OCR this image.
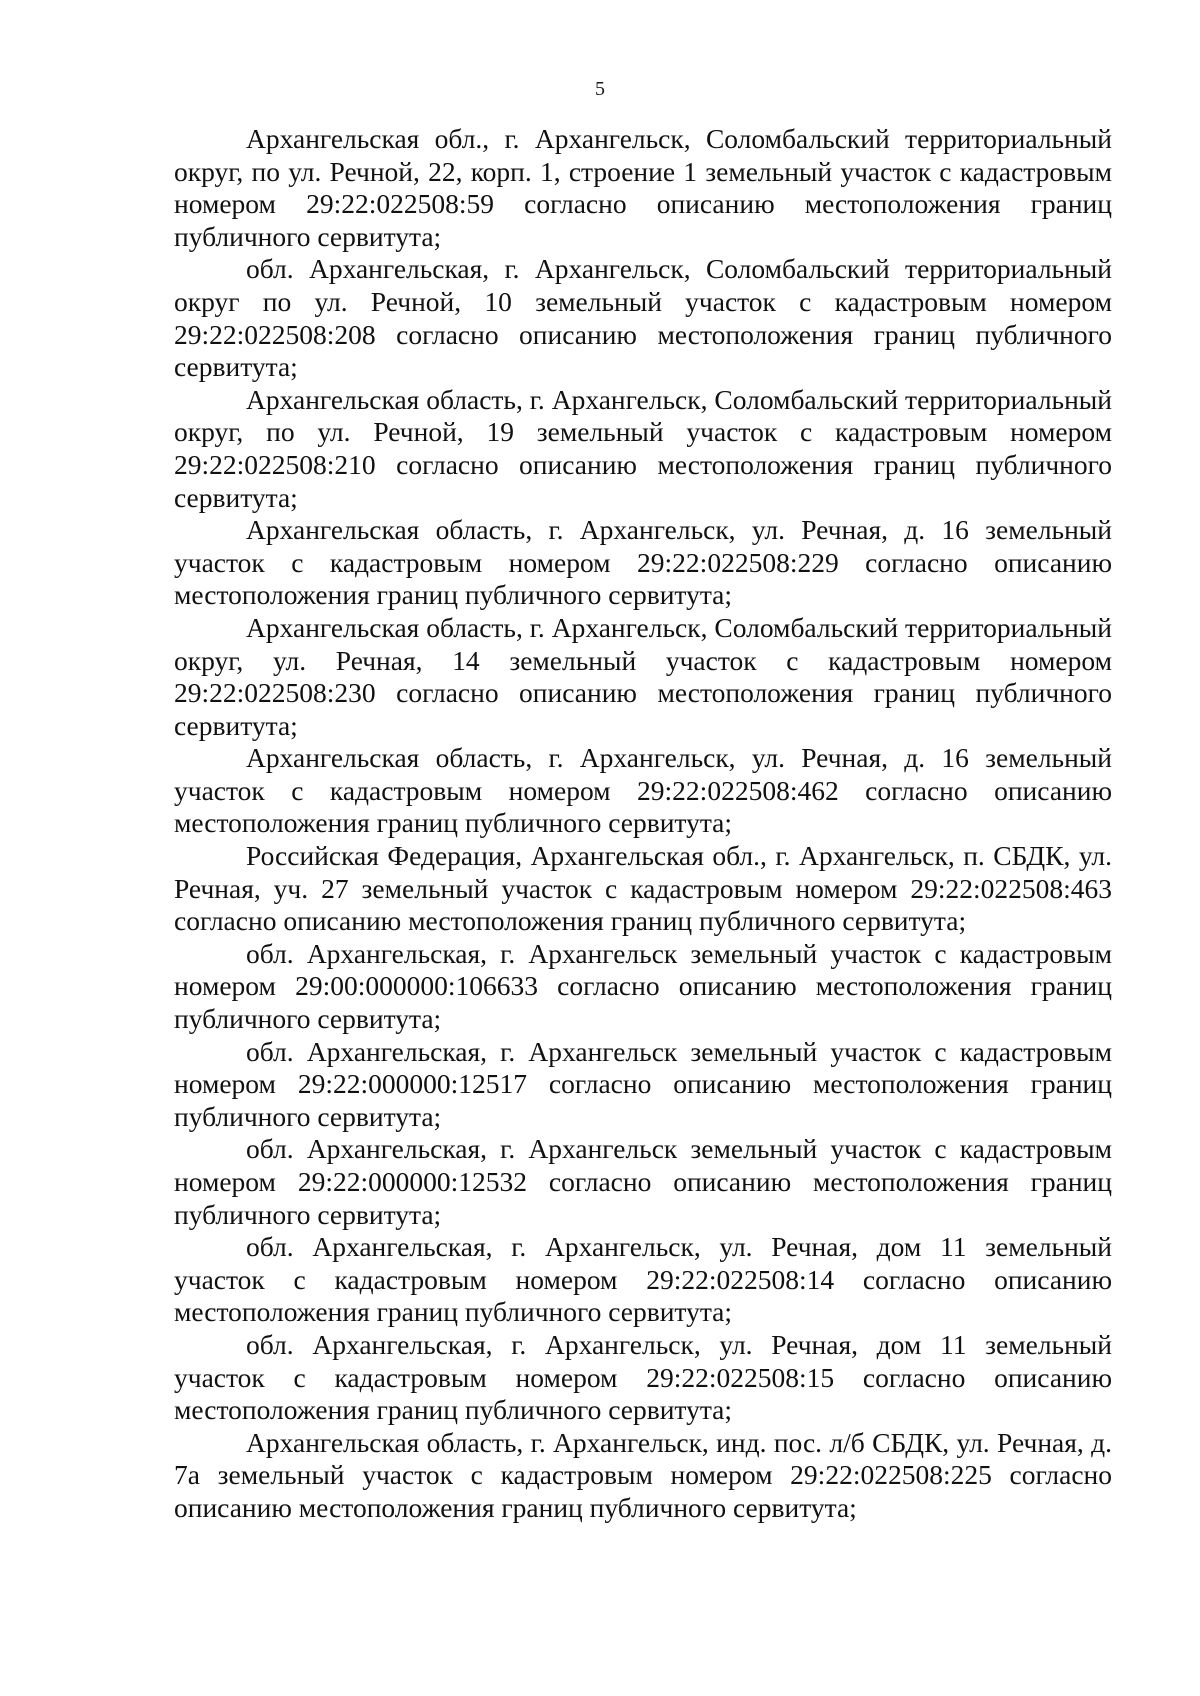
5

Архангельская обл., г. Архангельск, Соломбальский территориальный округ, по ул. Речной, 22, корп. 1, строение 1 земельный участок с кадастровым номером 29:22:022508:59 согласно описанию местоположения границ публичного сервитута;

обл. Архангельская, г. Архангельск, Соломбальский территориальный округ по ул. Речной, 10 земельный участок с кадастровым номером 29:22:022508:208 согласно описанию местоположения границ публичного сервитута;

Архангельская область, г. Архангельск, Соломбальский территориальный округ, по ул. Речной, 19 земельный участок с кадастровым номером 29:22:022508:210 согласно описанию местоположения границ публичного сервитута;

Архангельская область, г. Архангельск, ул. Речная, д. 16 земельный участок с кадастровым номером 29:22:022508:229 согласно описанию местоположения границ публичного сервитута;

Архангельская область, г. Архангельск, Соломбальский территориальный округ, ул. Речная, 14 земельный участок с кадастровым номером 29:22:022508:230 согласно описанию местоположения границ публичного сервитута;

Архангельская область, г. Архангельск, ул. Речная, д. 16 земельный участок с кадастровым номером 29:22:022508:462 согласно описанию местоположения границ публичного сервитута;

Российская Федерация, Архангельская обл., г. Архангельск, п. СБДК, ул. Речная, уч. 27 земельный участок с кадастровым номером 29:22:022508:463 согласно описанию местоположения границ публичного сервитута;

обл. Архангельская, г. Архангельск земельный участок с кадастровым номером 29:00:000000:106633 согласно описанию местоположения границ публичного сервитута;

обл. Архангельская, г. Архангельск земельный участок с кадастровым номером 29:22:000000:12517 согласно описанию местоположения границ публичного сервитута;

обл. Архангельская, г. Архангельск земельный участок с кадастровым номером 29:22:000000:12532 согласно описанию местоположения границ публичного сервитута;

обл. Архангельская, г. Архангельск, ул. Речная, дом 11 земельный участок с кадастровым номером 29:22:022508:14 согласно описанию местоположения границ публичного сервитута;

обл. Архангельская, г. Архангельск, ул. Речная, дом 11 земельный участок с кадастровым номером 29:22:022508:15 согласно описанию местоположения границ публичного сервитута;

Архангельская область, г. Архангельск, инд. пос. л/б СБДК, ул. Речная, д. 7а земельный участок с кадастровым номером 29:22:022508:225 согласно описанию местоположения границ публичного сервитута;
